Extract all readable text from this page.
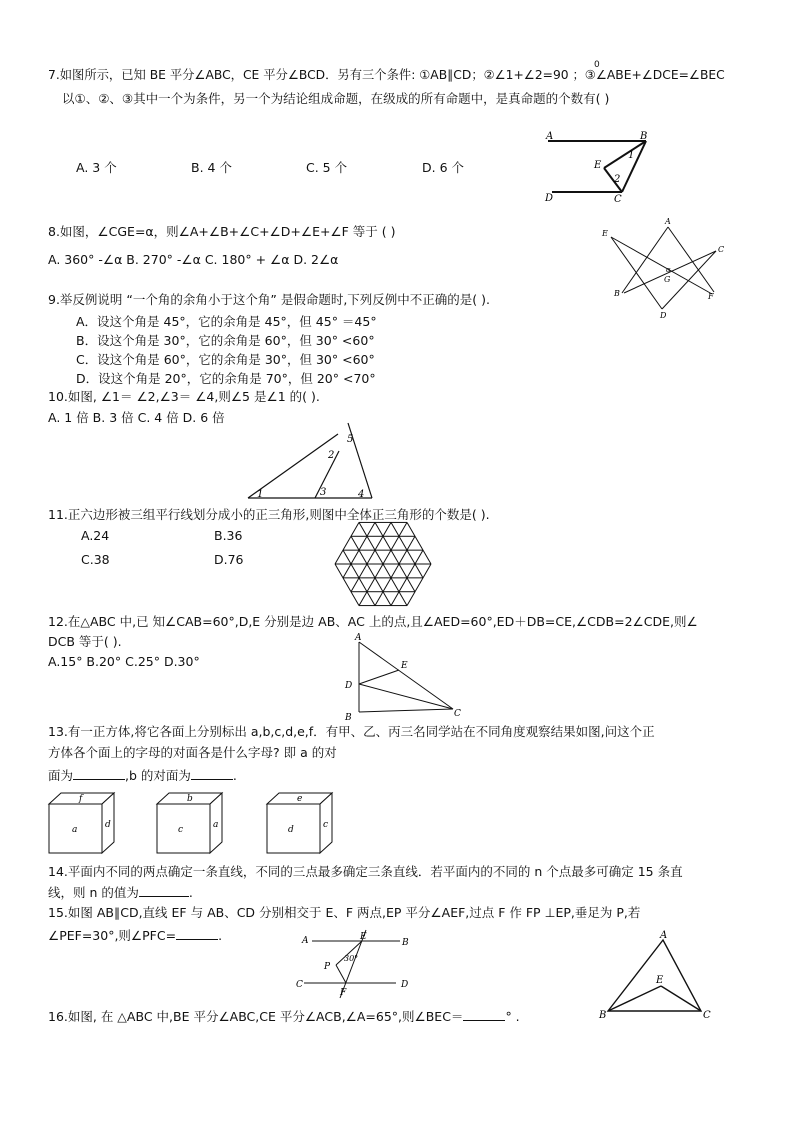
0
7.如图所示，已知 BE 平分∠ABC，CE 平分∠BCD．另有三个条件: ①AB∥CD；②∠1+∠2=90 ；③∠ABE+∠DCE=∠BEC
以①、②、③其中一个为条件，另一个为结论组成命题，在级成的所有命题中，是真命题的个数有( )
A. 3 个	B. 4 个	C. 5 个	D. 6 个
A	B
D	C
E
1
2
8.如图，∠CGE=α，则∠A+∠B+∠C+∠D+∠E+∠F 等于 ( )
A. 360° -∠α B. 270° -∠α C. 180° + ∠α D. 2∠α
A
E
C
B	F
D
G
α
9.举反例说明 “一个角的余角小于这个角” 是假命题时,下列反例中不正确的是( ).
A．设这个角是 45°，它的余角是 45°，但 45° ＝45°
B．设这个角是 30°，它的余角是 60°，但 30° <60°
C．设这个角是 60°，它的余角是 30°，但 30° <60°
D．设这个角是 20°，它的余角是 70°，但 20° <70°
10.如图, ∠1＝ ∠2,∠3＝ ∠4,则∠5 是∠1 的( ).
A. 1 倍 B. 3 倍 C. 4 倍 D. 6 倍
1
2
3	4
5
11.正六边形被三组平行线划分成小的正三角形,则图中全体正三角形的个数是( ).
A.24	B.36
C.38	D.76
12.在△ABC 中,已 知∠CAB=60°,D,E 分别是边 AB、AC 上的点,且∠AED=60°,ED＋DB=CE,∠CDB=2∠CDE,则∠
DCB 等于( ).
A.15° B.20° C.25° D.30°
A
E
D
B	C
13.有一正方体,将它各面上分别标出 a,b,c,d,e,f．有甲、乙、丙三名同学站在不同角度观察结果如图,问这个正
方体各个面上的字母的对面各是什么字母? 即 a 的对
面为	,b 的对面为	.
f
a	d
b
c	a
e
d	c
14.平面内不同的两点确定一条直线，不同的三点最多确定三条直线．若平面内的不同的 n 个点最多可确定 15 条直
线，则 n 的值为	.
15.如图 AB∥CD,直线 EF 与 AB、CD 分别相交于 E、F 两点,EP 平分∠AEF,过点 F 作 FP ⊥EP,垂足为 P,若
∠PEF=30°,则∠PFC=	.	A	B
C	D
E
F
P
30°
16.如图, 在 △ABC 中,BE 平分∠ABC,CE 平分∠ACB,∠A=65°,则∠BEC＝	° .
A
B	C
E
